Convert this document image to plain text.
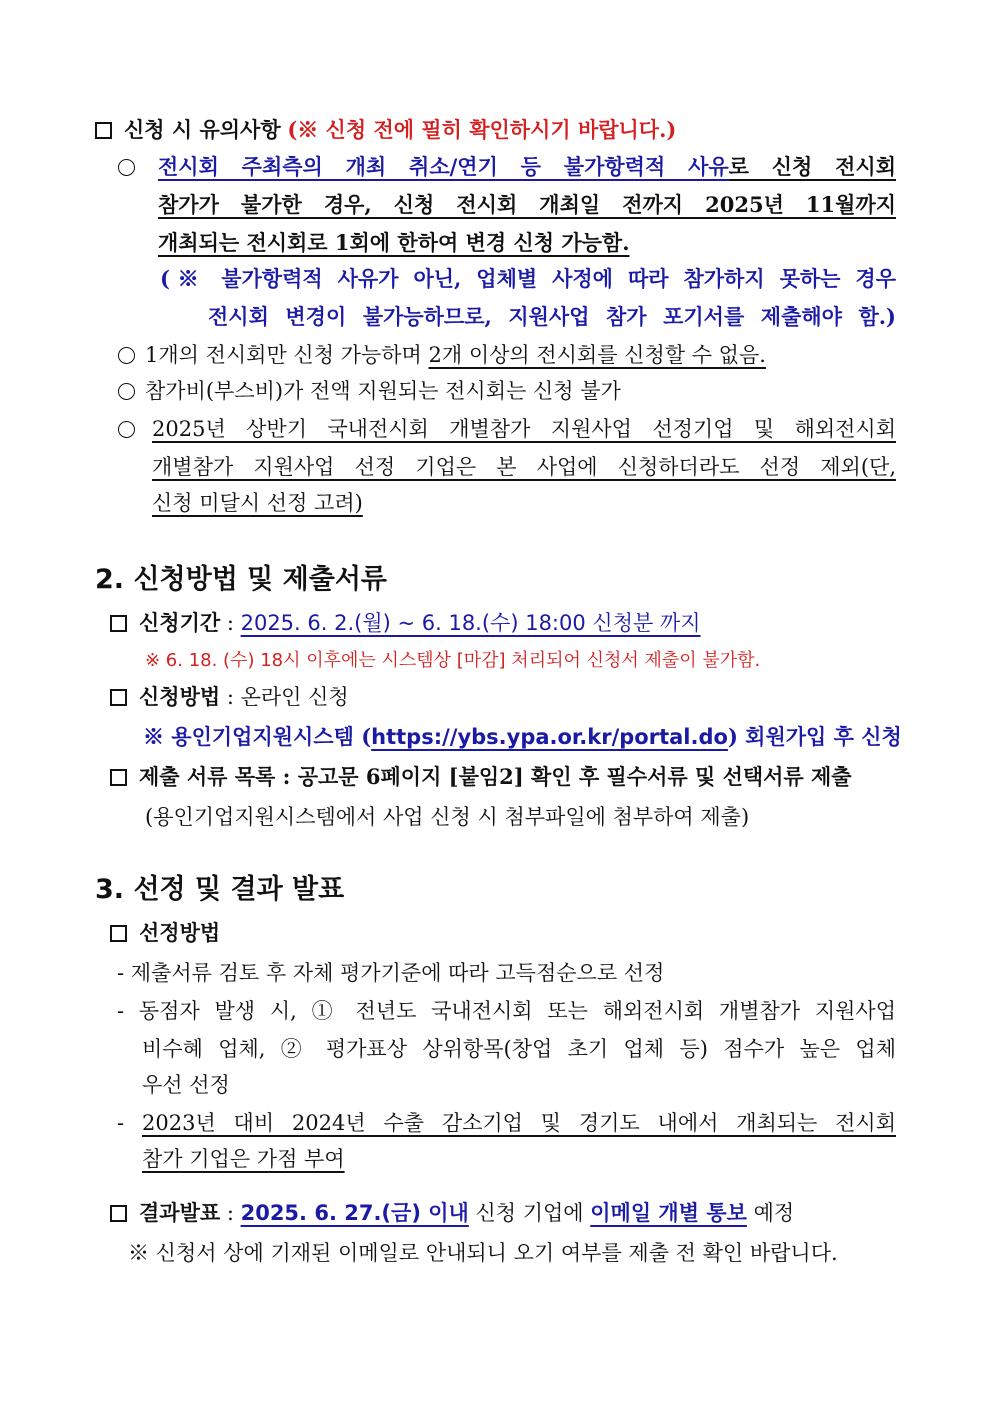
신청 시 유의사항 (※ 신청 전에 필히 확인하시기 바랍니다.)
전시회 주최측의 개최 취소/연기 등 불가항력적 사유로 신청 전시회
참가가 불가한 경우, 신청 전시회 개최일 전까지 2025년 11월까지
개최되는 전시회로 1회에 한하여 변경 신청 가능함.
(※ 불가항력적 사유가 아닌, 업체별 사정에 따라 참가하지 못하는 경우
전시회 변경이 불가능하므로, 지원사업 참가 포기서를 제출해야 함.)
1개의 전시회만 신청 가능하며 2개 이상의 전시회를 신청할 수 없음.
참가비(부스비)가 전액 지원되는 전시회는 신청 불가
2025년 상반기 국내전시회 개별참가 지원사업 선정기업 및 해외전시회
개별참가 지원사업 선정 기업은 본 사업에 신청하더라도 선정 제외(단,
신청 미달시 선정 고려)
2. 신청방법 및 제출서류
신청기간 : 2025. 6. 2.(월) ~ 6. 18.(수) 18:00 신청분 까지
※ 6. 18. (수) 18시 이후에는 시스템상 [마감] 처리되어 신청서 제출이 불가함.
신청방법 : 온라인 신청
※ 용인기업지원시스템 (https://ybs.ypa.or.kr/portal.do) 회원가입 후 신청
제출 서류 목록 : 공고문 6페이지 [붙임2] 확인 후 필수서류 및 선택서류 제출
(용인기업지원시스템에서 사업 신청 시 첨부파일에 첨부하여 제출)
3. 선정 및 결과 발표
선정방법
- 제출서류 검토 후 자체 평가기준에 따라 고득점순으로 선정
- 동점자 발생 시, ① 전년도 국내전시회 또는 해외전시회 개별참가 지원사업
비수혜 업체, ② 평가표상 상위항목(창업 초기 업체 등) 점수가 높은 업체
우선 선정
- 2023년 대비 2024년 수출 감소기업 및 경기도 내에서 개최되는 전시회
참가 기업은 가점 부여
결과발표 : 2025. 6. 27.(금) 이내 신청 기업에 이메일 개별 통보 예정
※ 신청서 상에 기재된 이메일로 안내되니 오기 여부를 제출 전 확인 바랍니다.
